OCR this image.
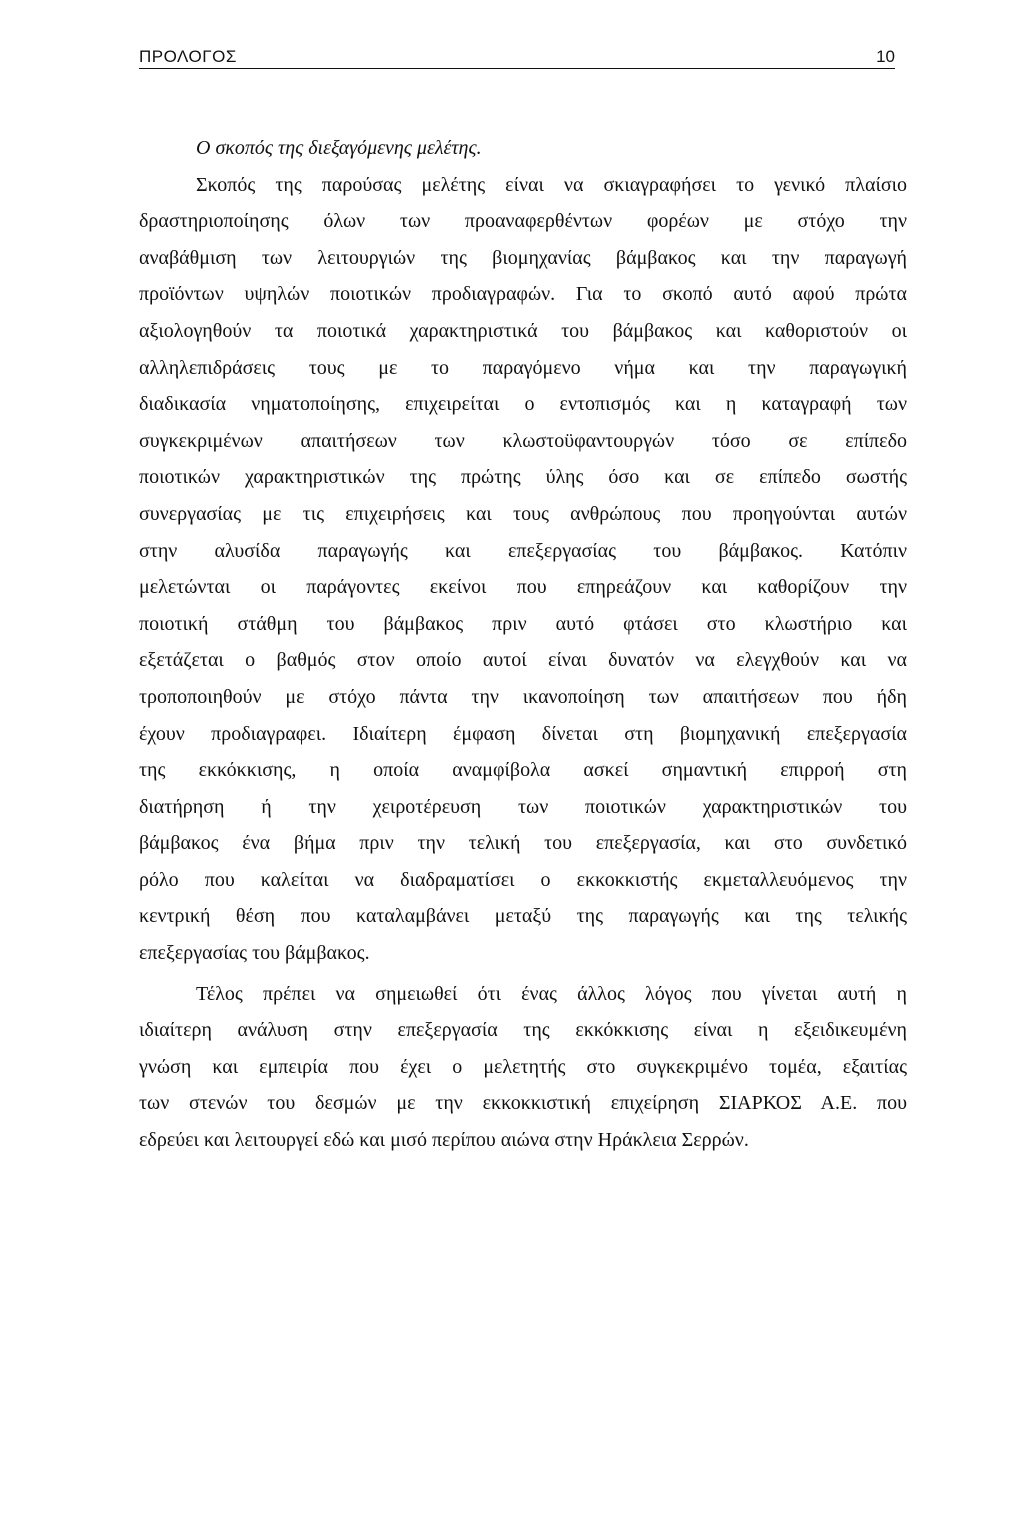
ΠΡΟΛΟΓΟΣ	10
Ο σκοπός της διεξαγόμενης μελέτης.
Σκοπός της παρούσας μελέτης είναι να σκιαγραφήσει το γενικό πλαίσιο
δραστηριοποίησης όλων των προαναφερθέντων φορέων με στόχο την
αναβάθμιση των λειτουργιών της βιομηχανίας βάμβακος και την παραγωγή
προϊόντων υψηλών ποιοτικών προδιαγραφών. Για το σκοπό αυτό αφού πρώτα
αξιολογηθούν τα ποιοτικά χαρακτηριστικά του βάμβακος και καθοριστούν οι
αλληλεπιδράσεις τους με το παραγόμενο νήμα και την παραγωγική
διαδικασία νηματοποίησης, επιχειρείται ο εντοπισμός και η καταγραφή των
συγκεκριμένων απαιτήσεων των κλωστοϋφαντουργών τόσο σε επίπεδο
ποιοτικών χαρακτηριστικών της πρώτης ύλης όσο και σε επίπεδο σωστής
συνεργασίας με τις επιχειρήσεις και τους ανθρώπους που προηγούνται αυτών
στην αλυσίδα παραγωγής και επεξεργασίας του βάμβακος. Κατόπιν
μελετώνται οι παράγοντες εκείνοι που επηρεάζουν και καθορίζουν την
ποιοτική στάθμη του βάμβακος πριν αυτό φτάσει στο κλωστήριο και
εξετάζεται ο βαθμός στον οποίο αυτοί είναι δυνατόν να ελεγχθούν και να
τροποποιηθούν με στόχο πάντα την ικανοποίηση των απαιτήσεων που ήδη
έχουν προδιαγραφει. Ιδιαίτερη έμφαση δίνεται στη βιομηχανική επεξεργασία
της εκκόκκισης, η οποία αναμφίβολα ασκεί σημαντική επιρροή στη
διατήρηση ή την χειροτέρευση των ποιοτικών χαρακτηριστικών του
βάμβακος ένα βήμα πριν την τελική του επεξεργασία, και στο συνδετικό
ρόλο που καλείται να διαδραματίσει ο εκκοκκιστής εκμεταλλευόμενος την
κεντρική θέση που καταλαμβάνει μεταξύ της παραγωγής και της τελικής
επεξεργασίας του βάμβακος.
Τέλος πρέπει να σημειωθεί ότι ένας άλλος λόγος που γίνεται αυτή η
ιδιαίτερη ανάλυση στην επεξεργασία της εκκόκκισης είναι η εξειδικευμένη
γνώση και εμπειρία που έχει ο μελετητής στο συγκεκριμένο τομέα, εξαιτίας
των στενών του δεσμών με την εκκοκκιστική επιχείρηση ΣΙΑΡΚΟΣ Α.Ε. που
εδρεύει και λειτουργεί εδώ και μισό περίπου αιώνα στην Ηράκλεια Σερρών.
